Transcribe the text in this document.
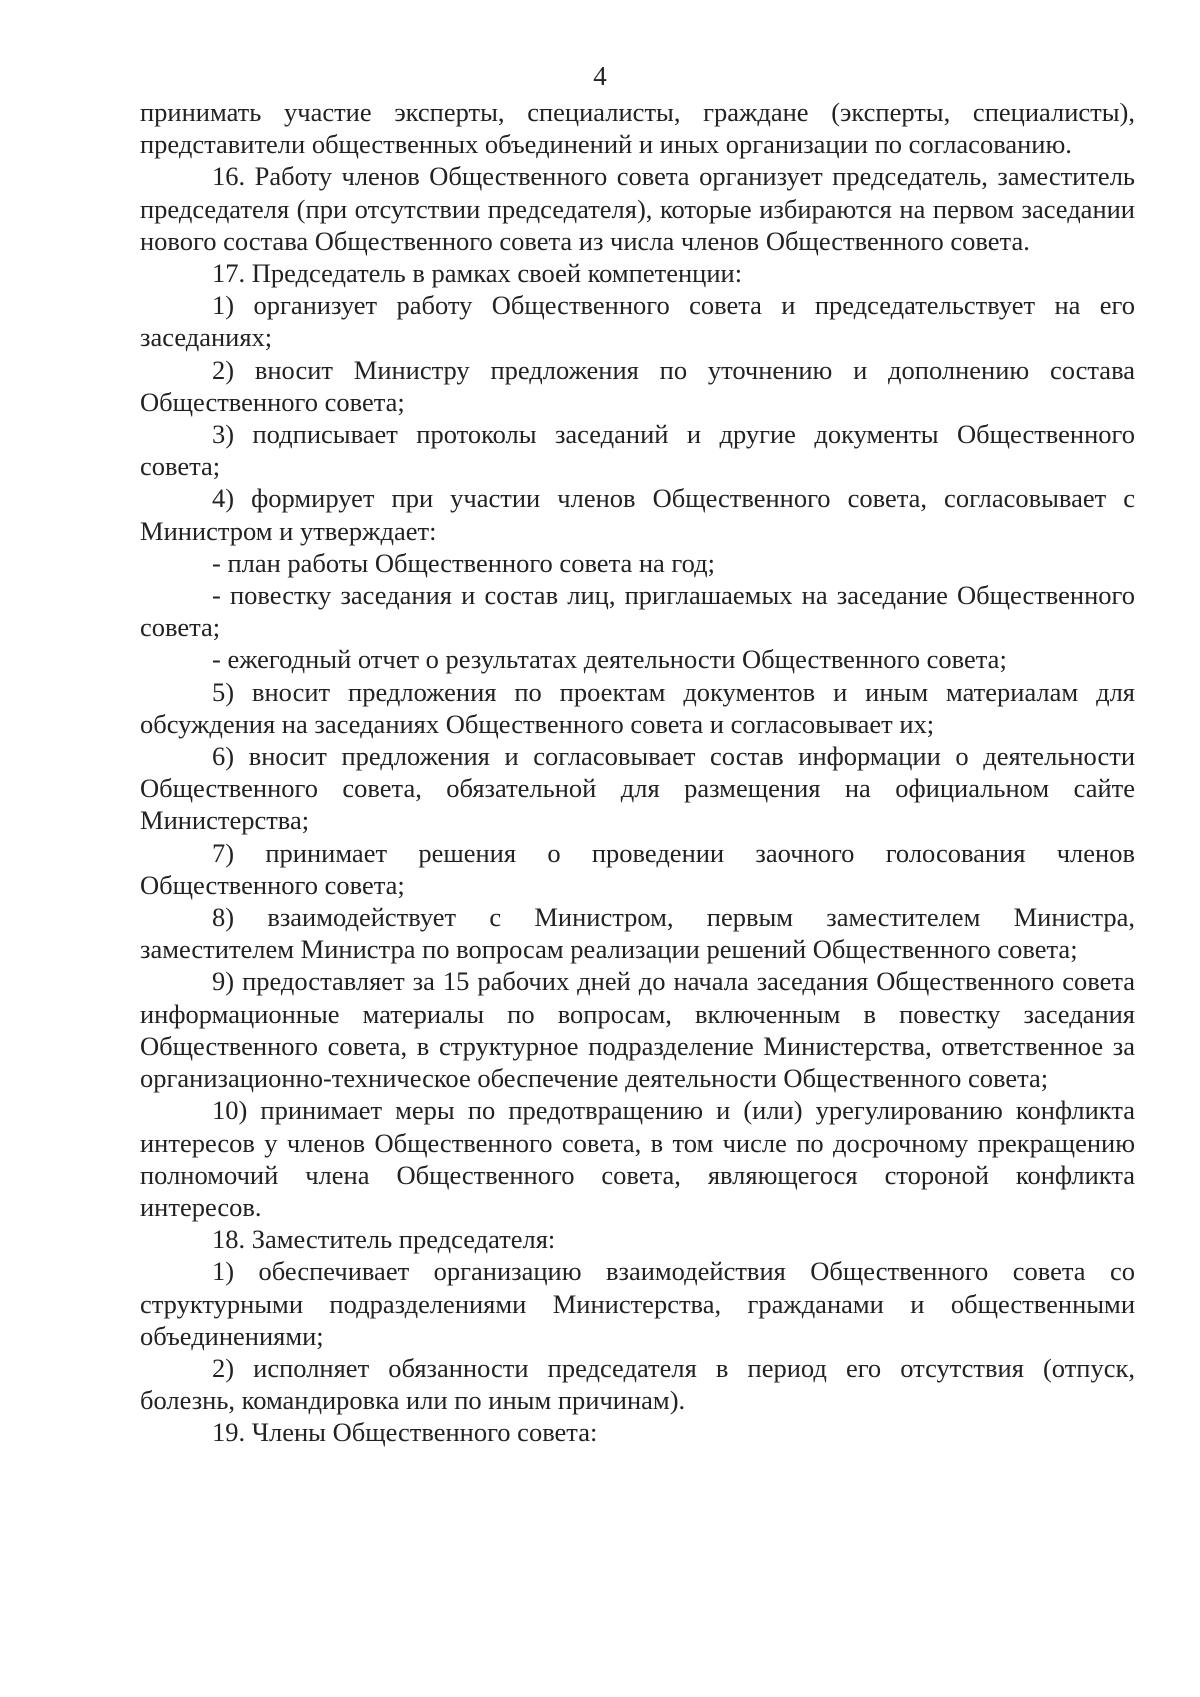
4

принимать участие эксперты, специалисты, граждане (эксперты, специалисты), представители общественных объединений и иных организации по согласованию.

16. Работу членов Общественного совета организует председатель, заместитель председателя (при отсутствии председателя), которые избираются на первом заседании нового состава Общественного совета из числа членов Общественного совета.

17. Председатель в рамках своей компетенции:

1) организует работу Общественного совета и председательствует на его заседаниях;

2) вносит Министру предложения по уточнению и дополнению состава Общественного совета;

3) подписывает протоколы заседаний и другие документы Общественного совета;

4) формирует при участии членов Общественного совета, согласовывает с Министром и утверждает:

- план работы Общественного совета на год;

- повестку заседания и состав лиц, приглашаемых на заседание Общественного совета;

- ежегодный отчет о результатах деятельности Общественного совета;

5) вносит предложения по проектам документов и иным материалам для обсуждения на заседаниях Общественного совета и согласовывает их;

6) вносит предложения и согласовывает состав информации о деятельности Общественного совета, обязательной для размещения на официальном сайте Министерства;

7) принимает решения о проведении заочного голосования членов Общественного совета;

8) взаимодействует с Министром, первым заместителем Министра, заместителем Министра по вопросам реализации решений Общественного совета;

9) предоставляет за 15 рабочих дней до начала заседания Общественного совета информационные материалы по вопросам, включенным в повестку заседания Общественного совета, в структурное подразделение Министерства, ответственное за организационно-техническое обеспечение деятельности Общественного совета;

10) принимает меры по предотвращению и (или) урегулированию конфликта интересов у членов Общественного совета, в том числе по досрочному прекращению полномочий члена Общественного совета, являющегося стороной конфликта интересов.

18. Заместитель председателя:

1) обеспечивает организацию взаимодействия Общественного совета со структурными подразделениями Министерства, гражданами и общественными объединениями;

2) исполняет обязанности председателя в период его отсутствия (отпуск, болезнь, командировка или по иным причинам).

19. Члены Общественного совета:
